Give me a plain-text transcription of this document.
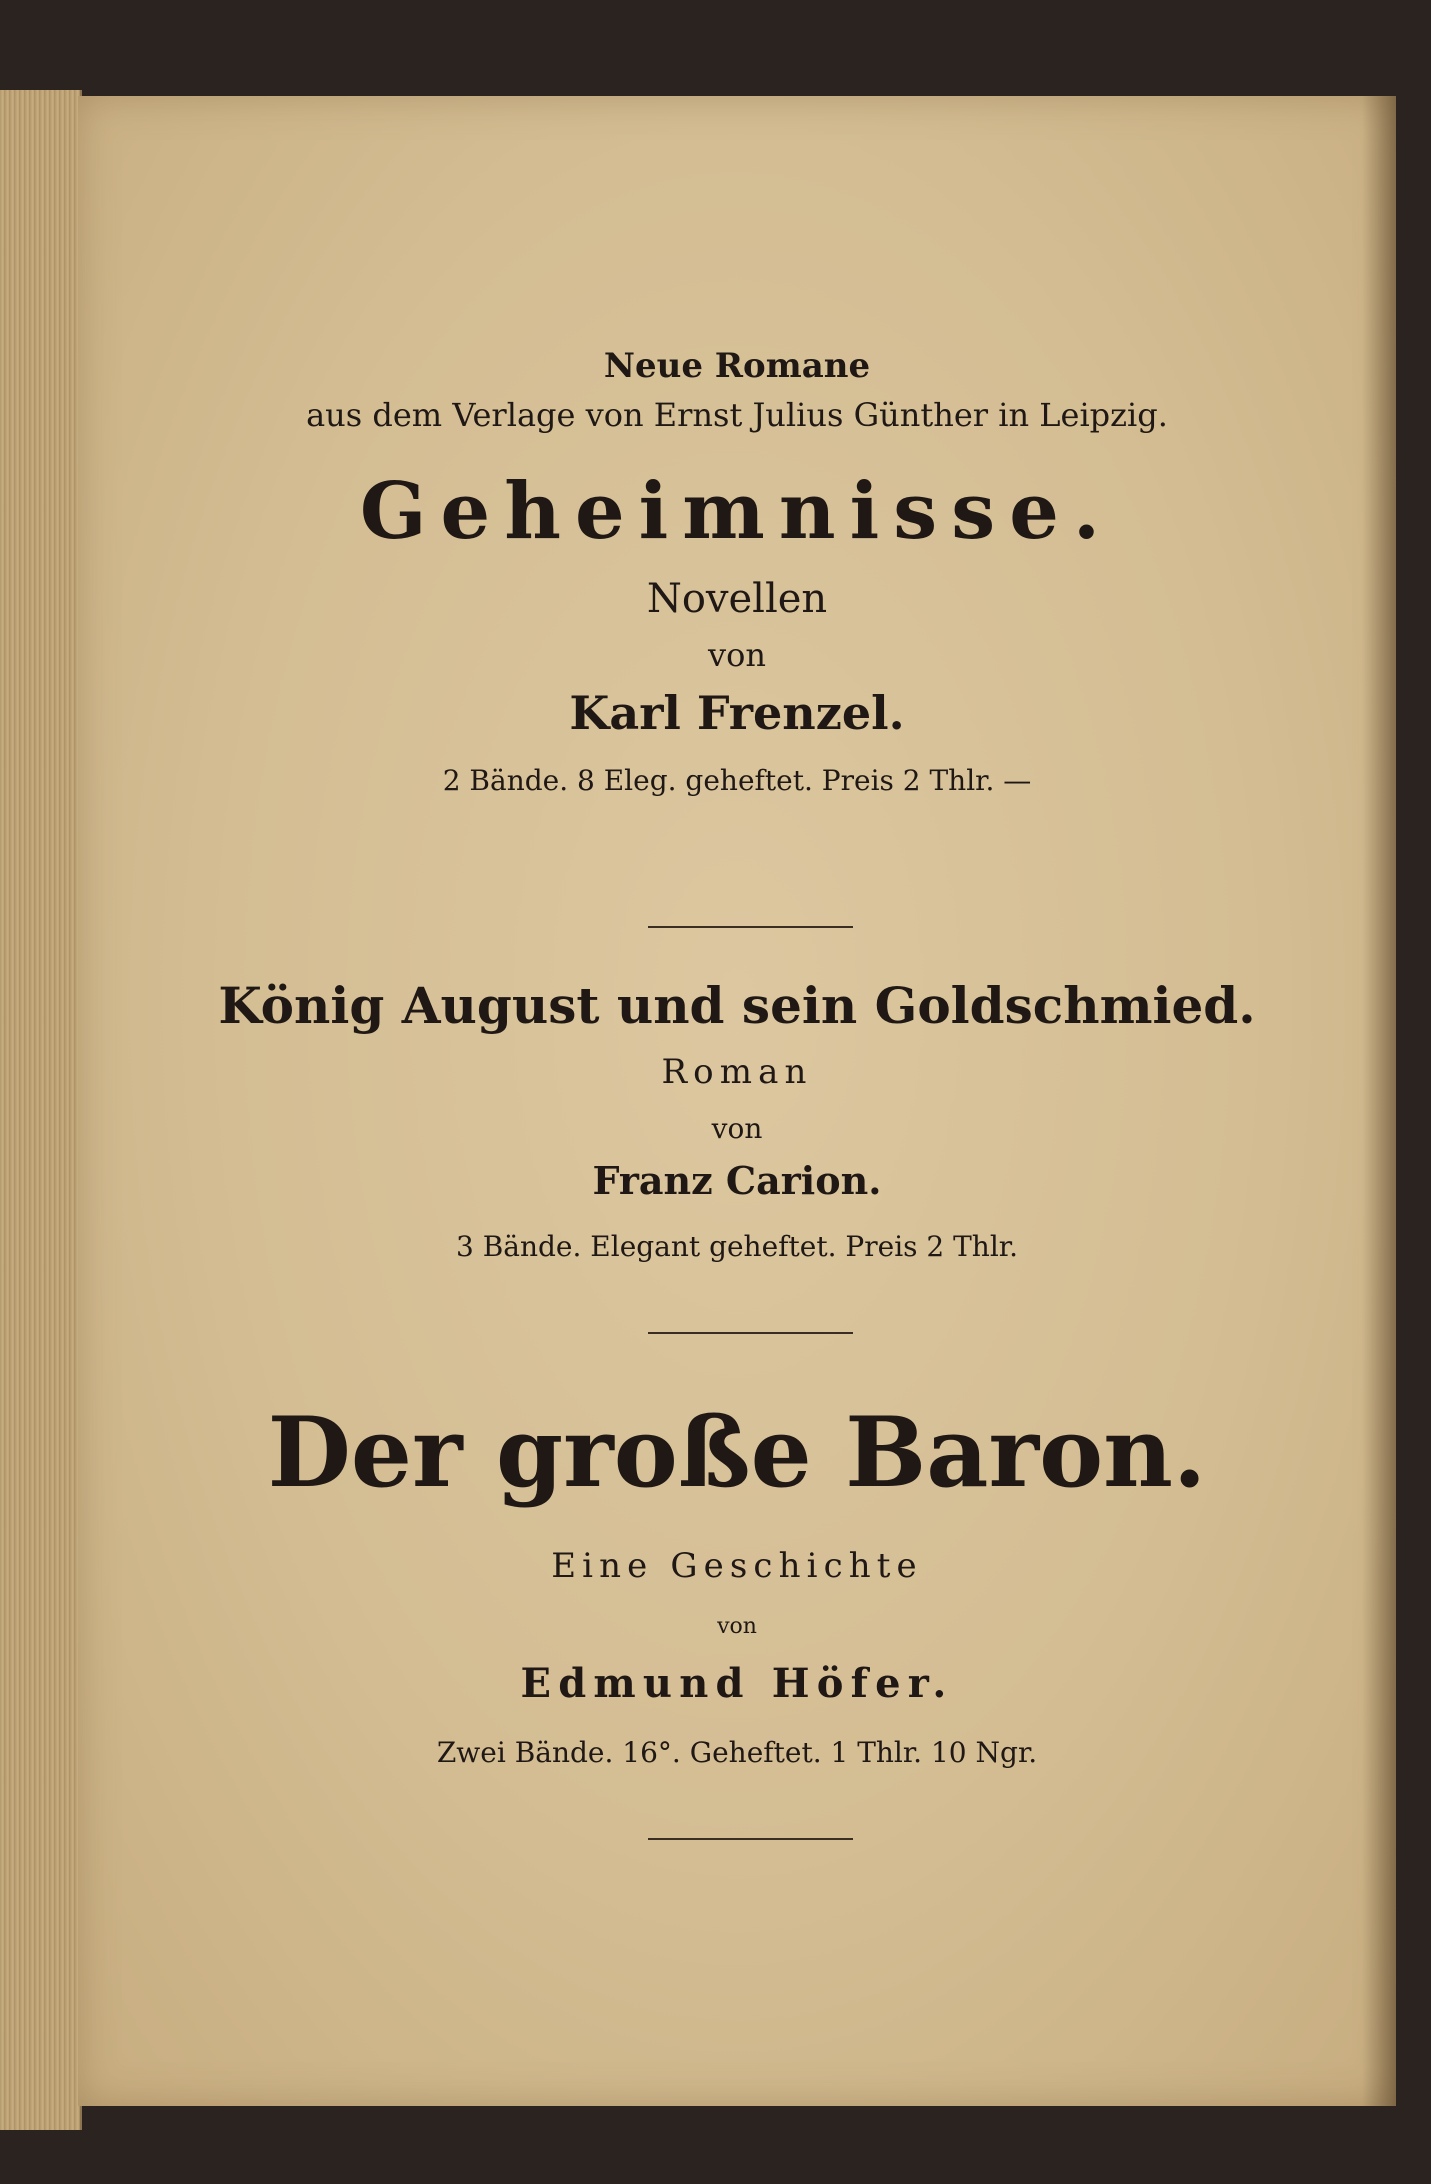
Neue Romane
aus dem Verlage von Ernst Julius Günther in Leipzig.
Geheimnisse.
Novellen
von
Karl Frenzel.
2 Bände. 8 Eleg. geheftet. Preis 2 Thlr. —
König August und sein Goldschmied.
Roman
von
Franz Carion.
3 Bände. Elegant geheftet. Preis 2 Thlr.
Der große Baron.
Eine Geschichte
von
Edmund Höfer.
Zwei Bände. 16°. Geheftet. 1 Thlr. 10 Ngr.
